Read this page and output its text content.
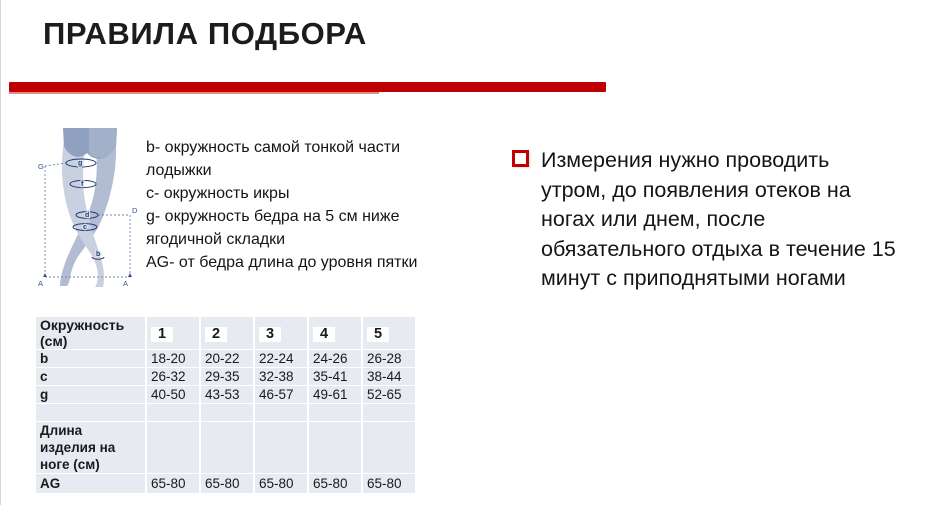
ПРАВИЛА ПОДБОРА
G
D
A	A
g
f
d
c
b
b- окружность самой тонкой части
лодыжки
c- окружность икры
g- окружность бедра на 5 см ниже
ягодичной складки
AG- от бедра длина до уровня пятки
Измерения нужно проводить
утром, до появления отеков на
ногах или днем, после
обязательного отдыха в течение 15
минут с приподнятыми ногами
Окружность (см)	1	2	3	4	5
b	18-20	20-22	22-24	24-26	26-28
c	26-32	29-35	32-38	35-41	38-44
g	40-50	43-53	46-57	49-61	52-65

Длина изделия на ноге (см)					
AG	65-80	65-80	65-80	65-80	65-80
